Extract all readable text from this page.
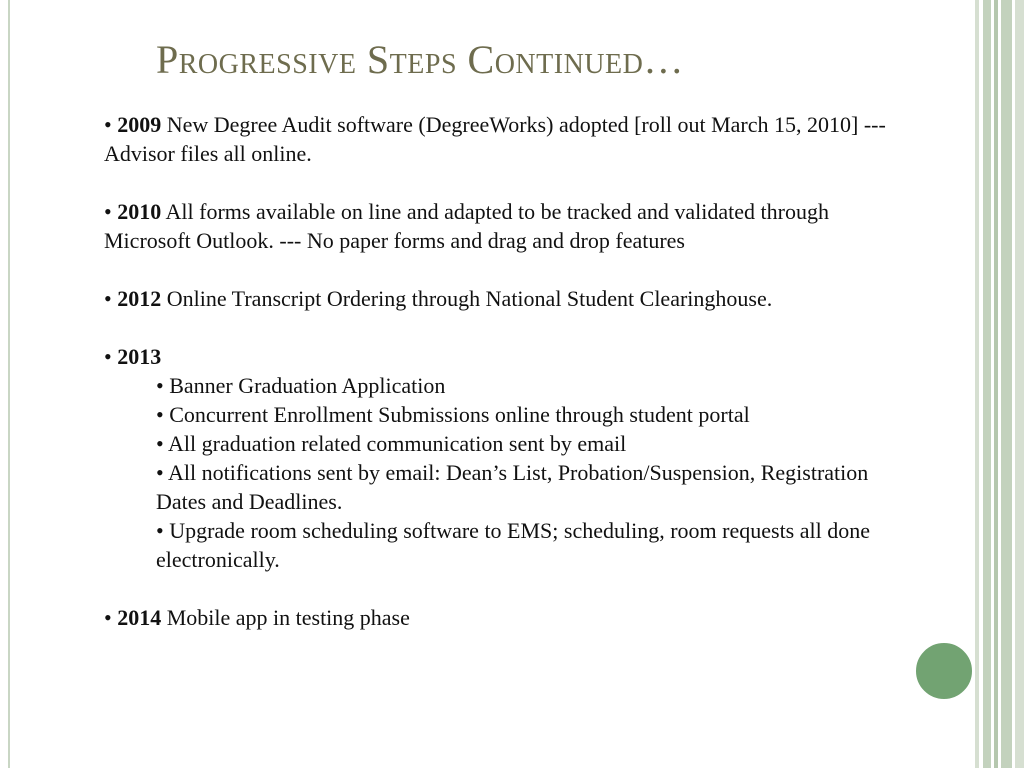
Progressive Steps Continued…

• 2009 New Degree Audit software (DegreeWorks) adopted [roll out March 15, 2010] --- Advisor files all online.

• 2010 All forms available on line and adapted to be tracked and validated through Microsoft Outlook. --- No paper forms and drag and drop features

• 2012 Online Transcript Ordering through National Student Clearinghouse.

• 2013

• Banner Graduation Application

• Concurrent Enrollment Submissions online through student portal

• All graduation related communication sent by email

• All notifications sent by email: Dean’s List, Probation/Suspension, Registration Dates and Deadlines.

• Upgrade room scheduling software to EMS; scheduling, room requests all done electronically.

• 2014 Mobile app in testing phase
